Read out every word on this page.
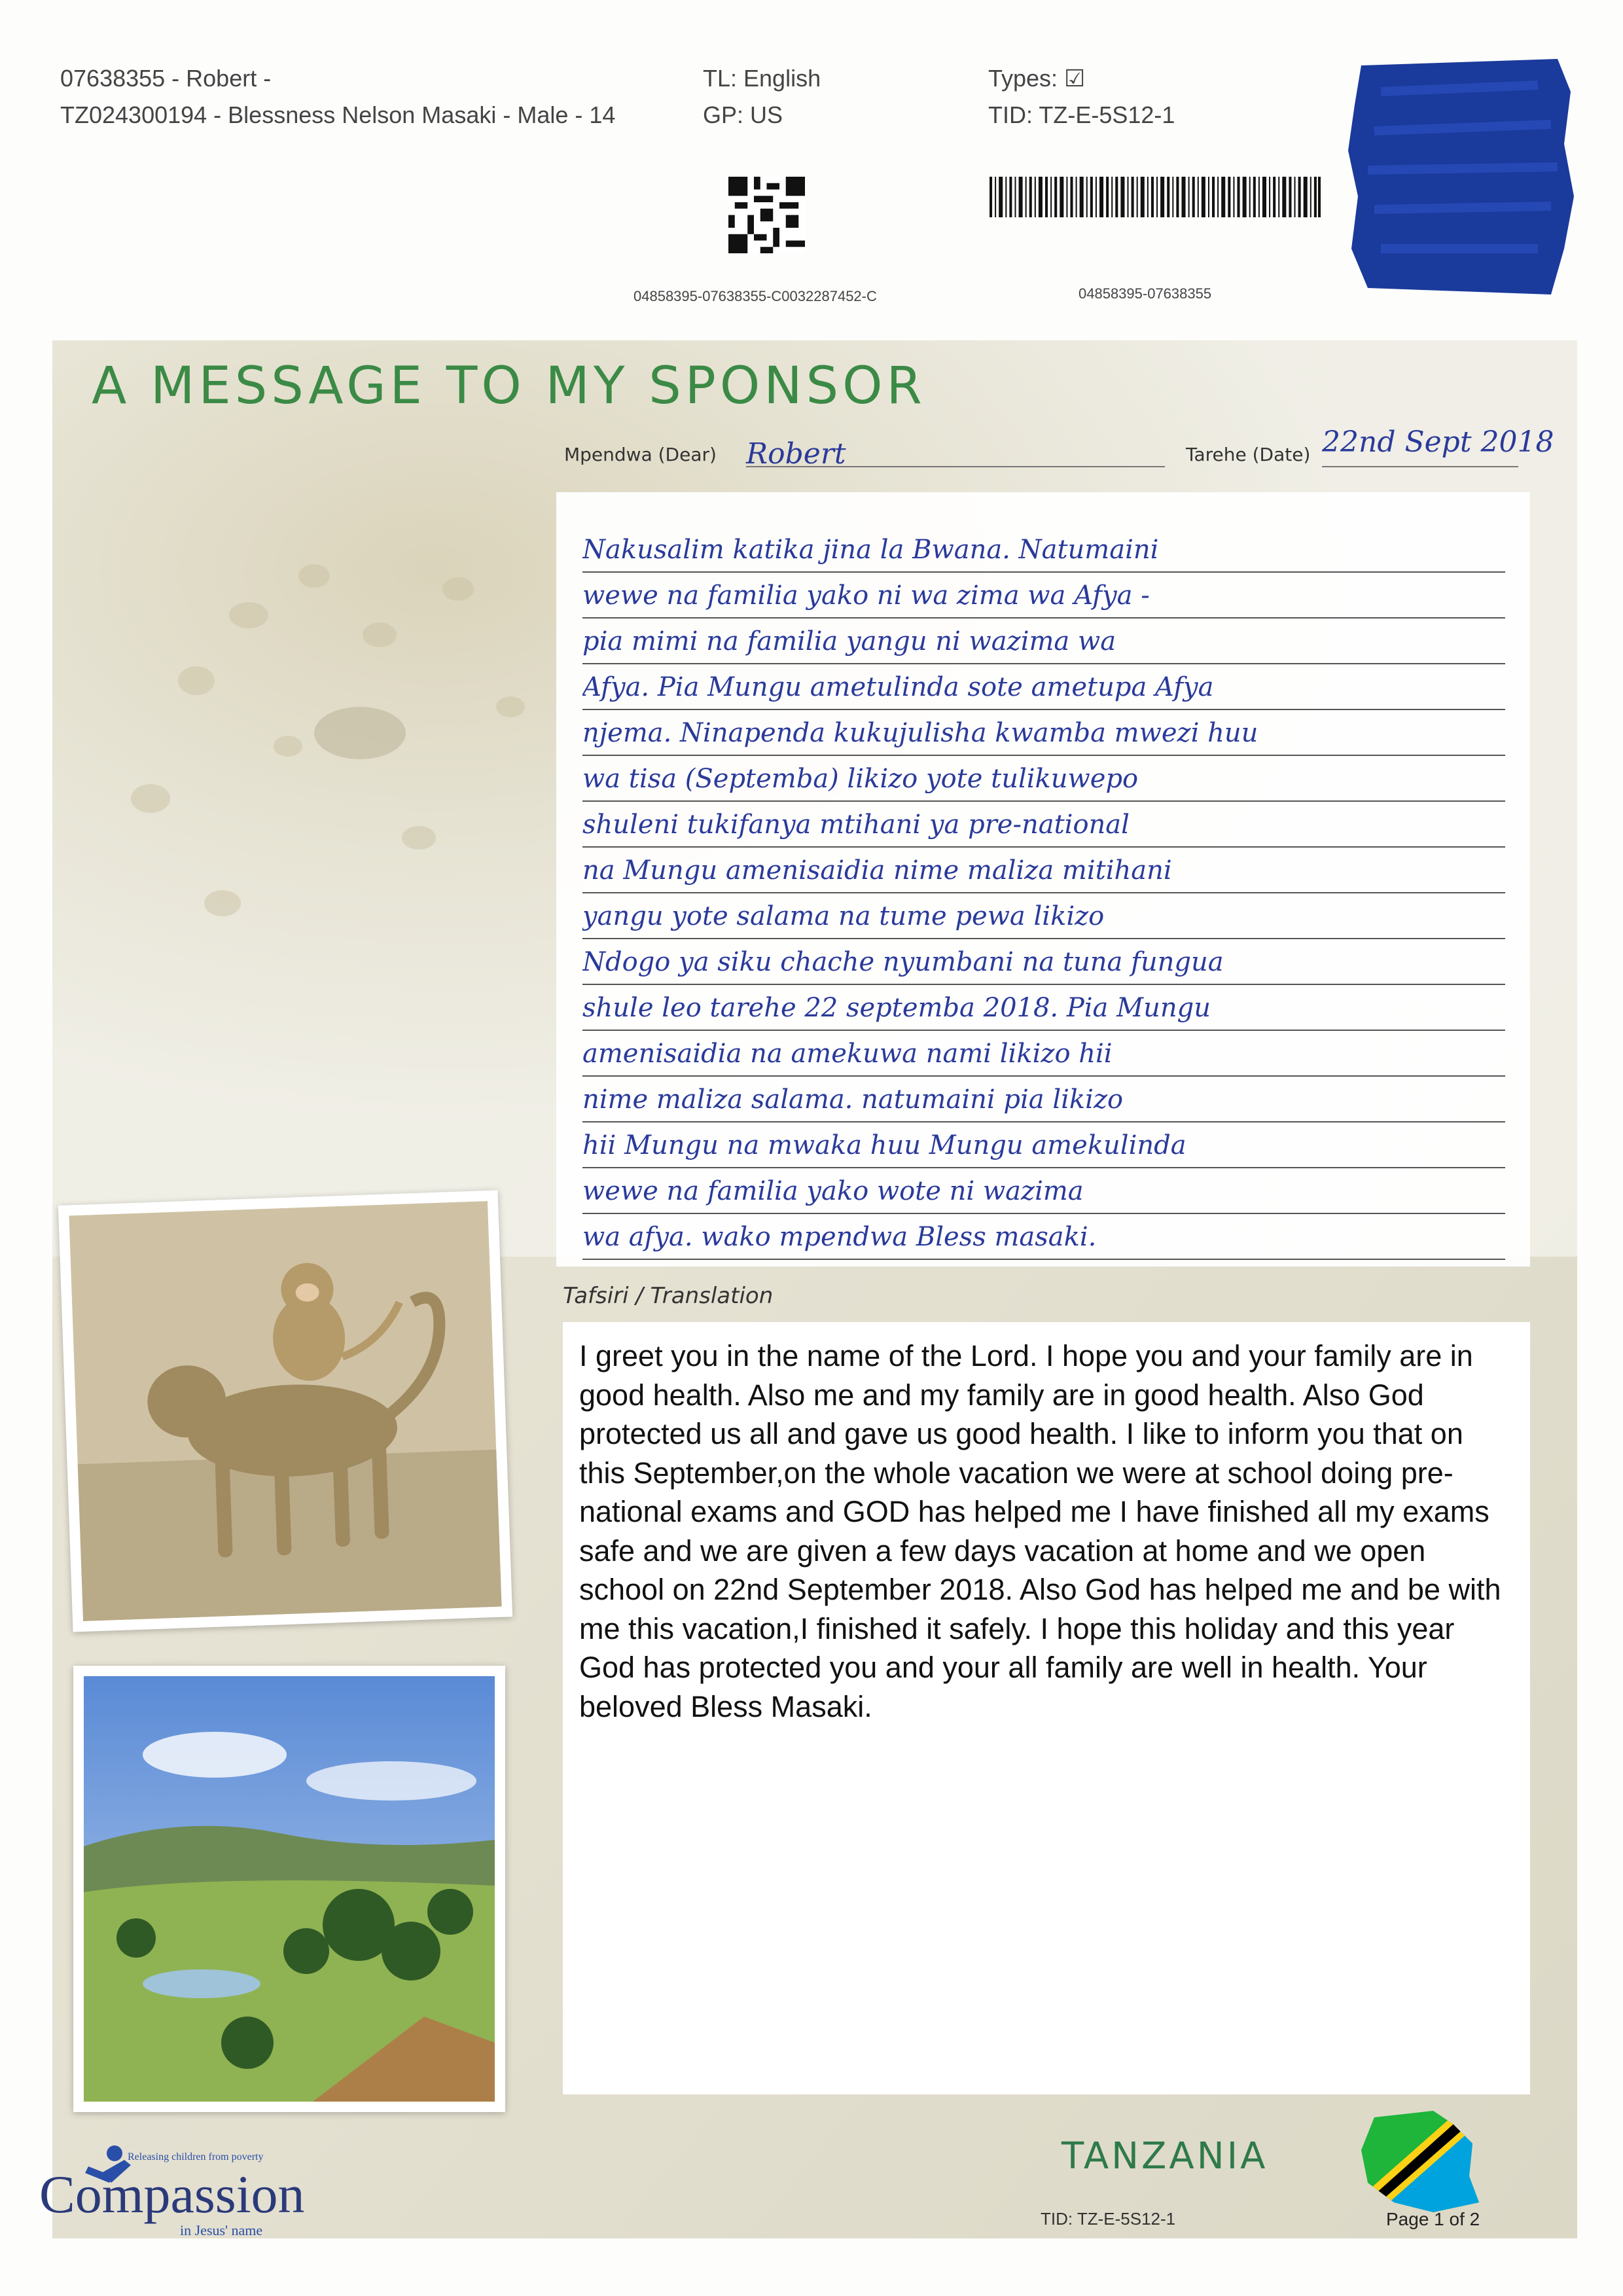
07638355 - Robert -
TZ024300194 - Blessness Nelson Masaki - Male - 14
TL: English
GP: US
Types: ☑
TID: TZ-E-5S12-1
04858395-07638355-C0032287452-C	04858395-07638355
A MESSAGE TO MY SPONSOR
Mpendwa (Dear) Robert	Tarehe (Date) 22nd Sept 2018
Nakusalim katika jina la Bwana. Natumaini
wewe na familia yako ni wa zima wa Afya -
pia mimi na familia yangu ni wazima wa
Afya. Pia Mungu ametulinda sote ametupa Afya
njema. Ninapenda kukujulisha kwamba mwezi huu
wa tisa (Septemba) likizo yote tulikuwepo
shuleni tukifanya mtihani ya pre-national
na Mungu amenisaidia nime maliza mitihani
yangu yote salama na tume pewa likizo
Ndogo ya siku chache nyumbani na tuna fungua
shule leo tarehe 22 septemba 2018. Pia Mungu
amenisaidia na amekuwa nami likizo hii
nime maliza salama. natumaini pia likizo
hii Mungu na mwaka huu Mungu amekulinda
wewe na familia yako wote ni wazima
wa afya. wako mpendwa Bless masaki.
Tafsiri / Translation
I greet you in the name of the Lord. I hope you and your family are in good health. Also me and my family are in good health. Also God protected us all and gave us good health. I like to inform you that on this September,on the whole vacation we were at school doing pre-national exams and GOD has helped me I have finished all my exams safe and we are given a few days vacation at home and we open school on 22nd September 2018. Also God has helped me and be with me this vacation,I finished it safely. I hope this holiday and this year God has protected you and your all family are well in health. Your beloved Bless Masaki.
Releasing children from poverty
Compassion
in Jesus' name
TANZANIA
TID: TZ-E-5S12-1	Page 1 of 2
